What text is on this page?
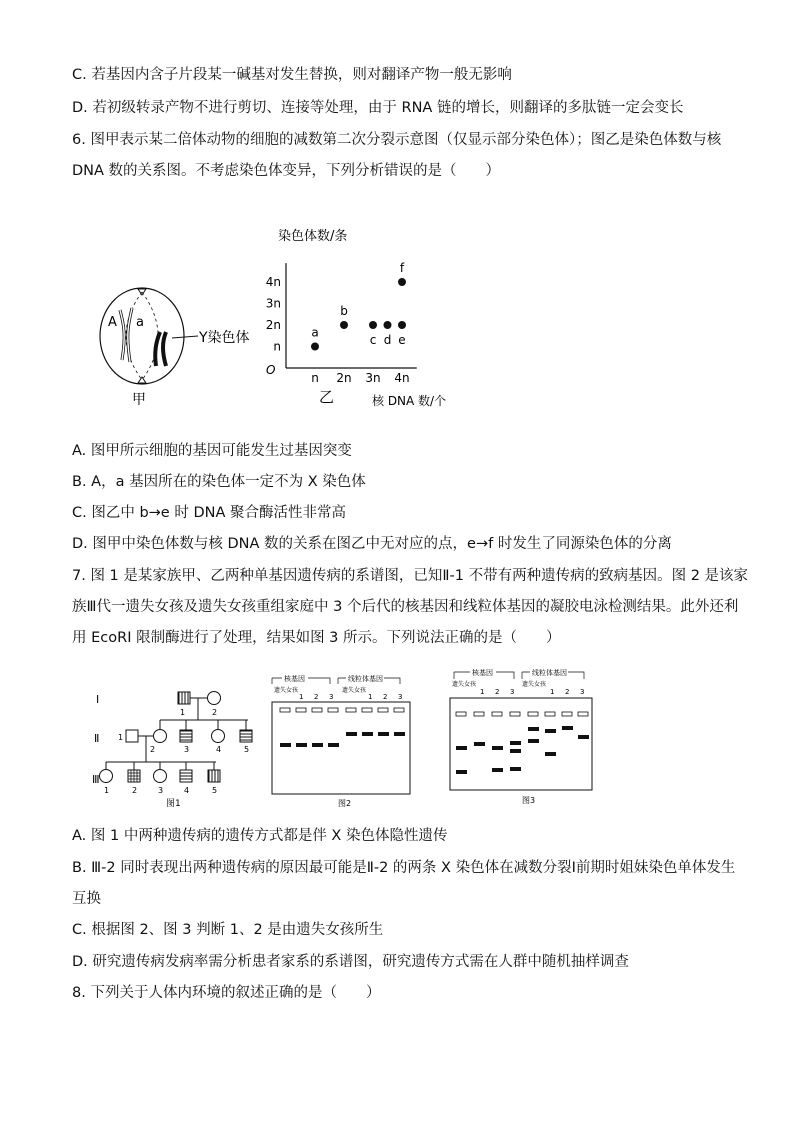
C. 若基因内含子片段某一碱基对发生替换，则对翻译产物一般无影响
D. 若初级转录产物不进行剪切、连接等处理，由于 RNA 链的增长，则翻译的多肽链一定会变长
6. 图甲表示某二倍体动物的细胞的减数第二次分裂示意图（仅显示部分染色体）；图乙是染色体数与核
DNA 数的关系图。不考虑染色体变异，下列分析错误的是（　　）
A a
Y染色体
甲
染色体数/条
核 DNA 数/个
O
乙
n 2n 3n 4n
n
2n
3n
4n
a
b
c d e
f
A. 图甲所示细胞的基因可能发生过基因突变
B. A，a 基因所在的染色体一定不为 X 染色体
C. 图乙中 b→e 时 DNA 聚合酶活性非常高
D. 图甲中染色体数与核 DNA 数的关系在图乙中无对应的点，e→f 时发生了同源染色体的分离
7. 图 1 是某家族甲、乙两种单基因遗传病的系谱图，已知Ⅱ-1 不带有两种遗传病的致病基因。图 2 是该家
族Ⅲ代一遗失女孩及遗失女孩重组家庭中 3 个后代的核基因和线粒体基因的凝胶电泳检测结果。此外还利
用 EcoRI 限制酶进行了处理，结果如图 3 所示。下列说法正确的是（　　）
Ⅰ
Ⅱ
Ⅲ
1	2
1
2	3	4	5
1	2	3	4	5
图1
核基因	线粒体基因
遗失女孩
1 2 3
遗失女孩
1 2 3
图2
核基因	线粒体基因
遗失女孩
1 2 3
遗失女孩
1 2 3
图3
A. 图 1 中两种遗传病的遗传方式都是伴 X 染色体隐性遗传
B. Ⅲ-2 同时表现出两种遗传病的原因最可能是Ⅱ-2 的两条 X 染色体在减数分裂Ⅰ前期时姐妹染色单体发生
互换
C. 根据图 2、图 3 判断 1、2 是由遗失女孩所生
D. 研究遗传病发病率需分析患者家系的系谱图，研究遗传方式需在人群中随机抽样调查
8. 下列关于人体内环境的叙述正确的是（　　）
